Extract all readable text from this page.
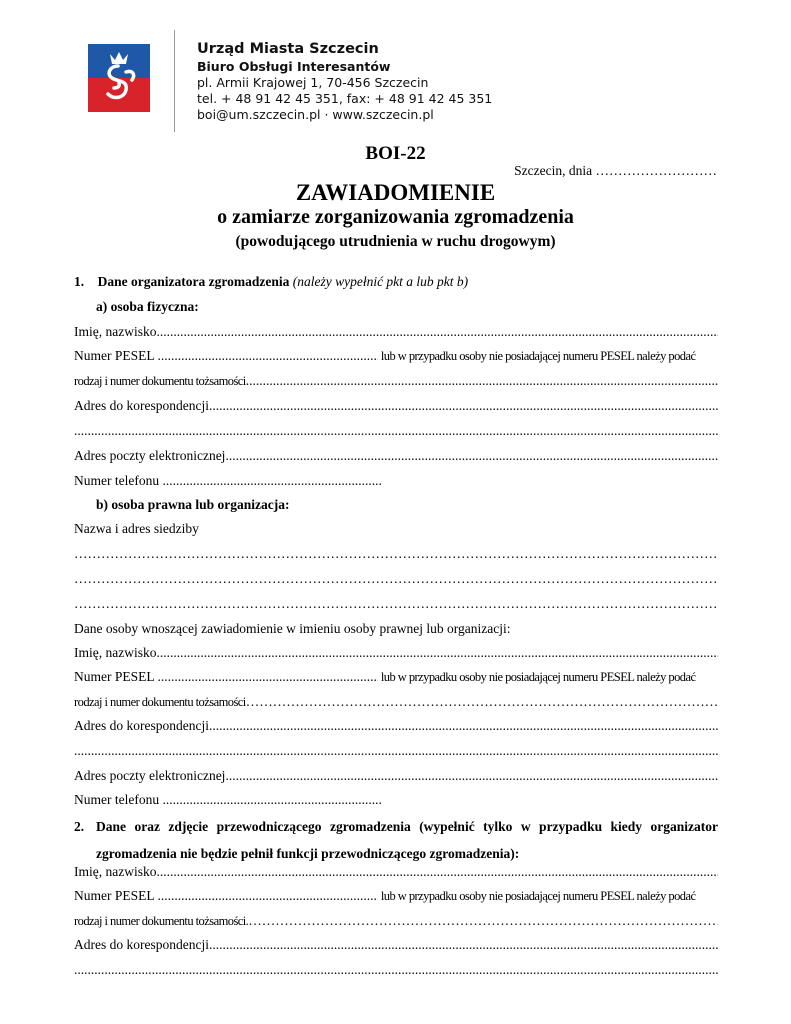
Urząd Miasta Szczecin
Biuro Obsługi Interesantów
pl. Armii Krajowej 1, 70-456 Szczecin
tel. + 48 91 42 45 351, fax: + 48 91 42 45 351
boi@um.szczecin.pl · www.szczecin.pl
BOI-22
Szczecin, dnia ………………………
ZAWIADOMIENIE
o zamiarze zorganizowania zgromadzenia
(powodującego utrudnienia w ruchu drogowym)
1. Dane organizatora zgromadzenia (należy wypełnić pkt a lub pkt b)
a) osoba fizyczna:
Imię, nazwisko
.....
Numer PESEL .....	lub w przypadku osoby nie posiadającej numeru PESEL należy podać
rodzaj i numer dokumentu tożsamości
.....
Adres do korespondencji
.....
.....
Adres poczty elektronicznej
.....
Numer telefonu .....
b) osoba prawna lub organizacja:
Nazwa i adres siedziby
……………………………………………………………………………………………………………………………………………………………………………………………………………………
……………………………………………………………………………………………………………………………………………………………………………………………………………………
……………………………………………………………………………………………………………………………………………………………………………………………………………………
Dane osoby wnoszącej zawiadomienie w imieniu osoby prawnej lub organizacji:
Imię, nazwisko
.....
Numer PESEL .....	lub w przypadku osoby nie posiadającej numeru PESEL należy podać
rodzaj i numer dokumentu tożsamości
……………………………………………………………………………………………………………………………………………………………………………………………………………………
Adres do korespondencji
.....
.....
Adres poczty elektronicznej
.....
Numer telefonu .....
2. Dane oraz zdjęcie przewodniczącego zgromadzenia (wypełnić tylko w przypadku kiedy organizator zgromadzenia nie będzie pełnił funkcji przewodniczącego zgromadzenia):
Imię, nazwisko
.....
Numer PESEL .....	lub w przypadku osoby nie posiadającej numeru PESEL należy podać
rodzaj i numer dokumentu tożsamości.
……………………………………………………………………………………………………………………………………………………………………………………………………………………
Adres do korespondencji
.....
.....
